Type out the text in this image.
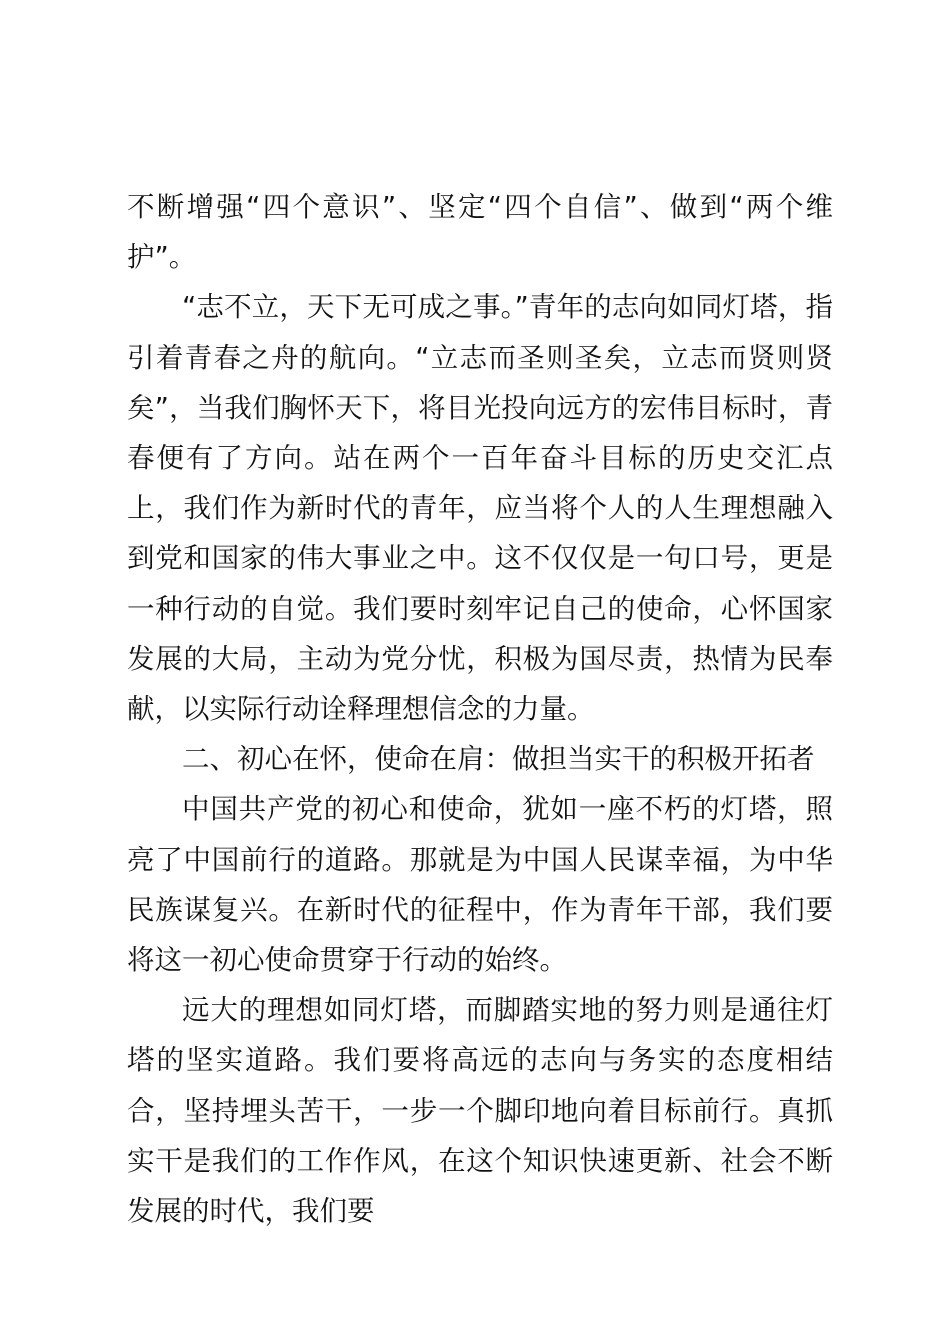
不断增强“四个意识”、坚定“四个自信”、做到“两个维护”。

“志不立，天下无可成之事。”青年的志向如同灯塔，指引着青春之舟的航向。“立志而圣则圣矣，立志而贤则贤矣”，当我们胸怀天下，将目光投向远方的宏伟目标时，青春便有了方向。站在两个一百年奋斗目标的历史交汇点上，我们作为新时代的青年，应当将个人的人生理想融入到党和国家的伟大事业之中。这不仅仅是一句口号，更是一种行动的自觉。我们要时刻牢记自己的使命，心怀国家发展的大局，主动为党分忧，积极为国尽责，热情为民奉献，以实际行动诠释理想信念的力量。

二、初心在怀，使命在肩：做担当实干的积极开拓者

中国共产党的初心和使命，犹如一座不朽的灯塔，照亮了中国前行的道路。那就是为中国人民谋幸福，为中华民族谋复兴。在新时代的征程中，作为青年干部，我们要将这一初心使命贯穿于行动的始终。

远大的理想如同灯塔，而脚踏实地的努力则是通往灯塔的坚实道路。我们要将高远的志向与务实的态度相结合，坚持埋头苦干，一步一个脚印地向着目标前行。真抓实干是我们的工作作风，在这个知识快速更新、社会不断发展的时代，我们要
